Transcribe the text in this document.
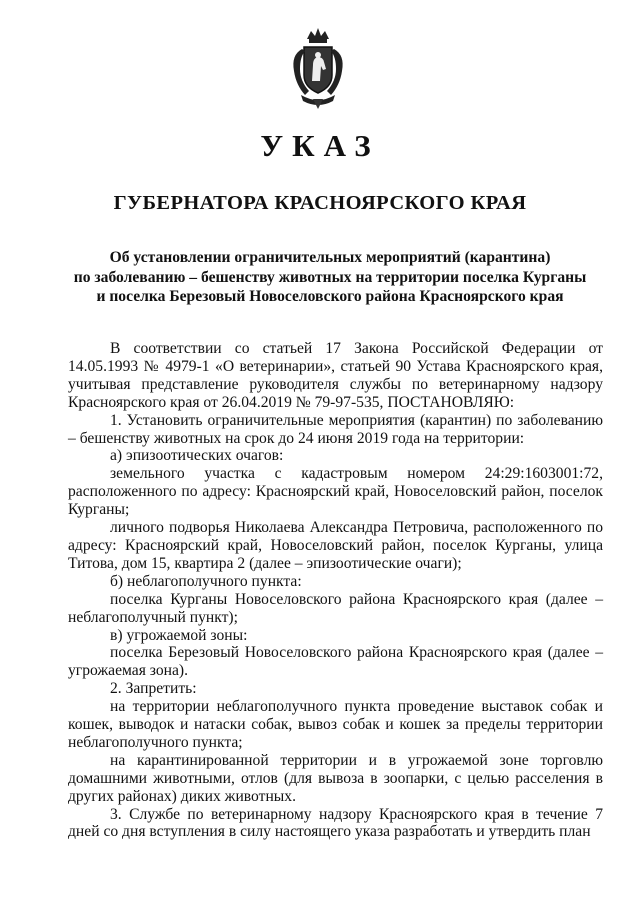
УКАЗ
ГУБЕРНАТОРА КРАСНОЯРСКОГО КРАЯ
Об установлении ограничительных мероприятий (карантина)
по заболеванию – бешенству животных на территории поселка Курганы
и поселка Березовый Новоселовского района Красноярского края

В соответствии со статьей 17 Закона Российской Федерации от 14.05.1993 № 4979-1 «О ветеринарии», статьей 90 Устава Красноярского края, учитывая представление руководителя службы по ветеринарному надзору Красноярского края от 26.04.2019 № 79-97-535, ПОСТАНОВЛЯЮ:

1. Установить ограничительные мероприятия (карантин) по заболеванию – бешенству животных на срок до 24 июня 2019 года на территории:

а) эпизоотических очагов:

земельного участка с кадастровым номером 24:29:1603001:72, расположенного по адресу: Красноярский край, Новоселовский район, поселок Курганы;

личного подворья Николаева Александра Петровича, расположенного по адресу: Красноярский край, Новоселовский район, поселок Курганы, улица Титова, дом 15, квартира 2 (далее – эпизоотические очаги);

б) неблагополучного пункта:

поселка Курганы Новоселовского района Красноярского края (далее – неблагополучный пункт);

в) угрожаемой зоны:

поселка Березовый Новоселовского района Красноярского края (далее – угрожаемая зона).

2. Запретить:

на территории неблагополучного пункта проведение выставок собак и кошек, выводок и натаски собак, вывоз собак и кошек за пределы территории неблагополучного пункта;

на карантинированной территории и в угрожаемой зоне торговлю домашними животными, отлов (для вывоза в зоопарки, с целью расселения в других районах) диких животных.

3. Службе по ветеринарному надзору Красноярского края в течение 7 дней со дня вступления в силу настоящего указа разработать и утвердить план
